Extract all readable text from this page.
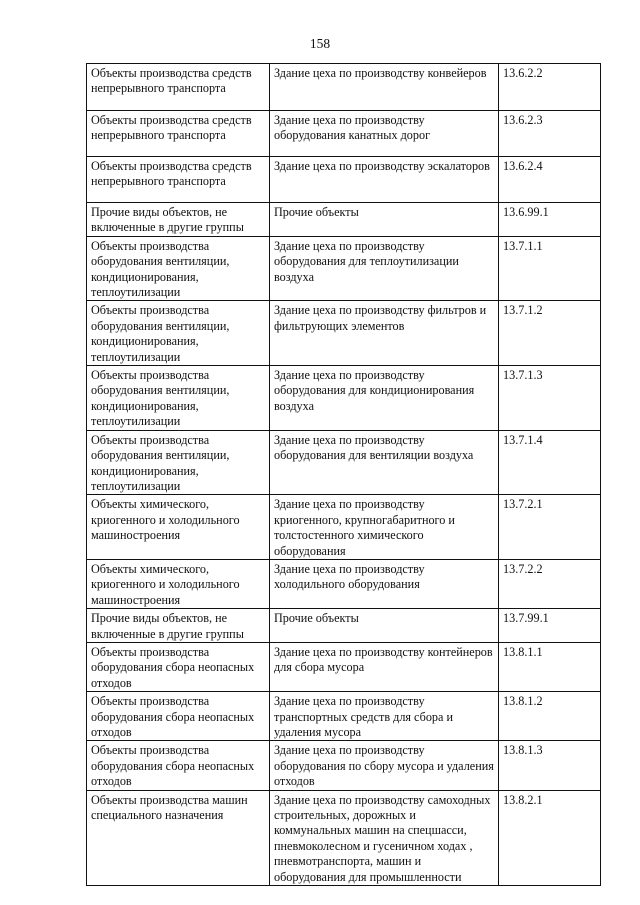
158
Объекты производства средств непрерывного транспорта	Здание цеха по производству конвейеров	13.6.2.2
Объекты производства средств непрерывного транспорта	Здание цеха по производству оборудования канатных дорог	13.6.2.3
Объекты производства средств непрерывного транспорта	Здание цеха по производству эскалаторов	13.6.2.4
Прочие виды объектов, не включенные в другие группы	Прочие объекты	13.6.99.1
Объекты производства оборудования вентиляции, кондиционирования, теплоутилизации	Здание цеха по производству оборудования для теплоутилизации воздуха	13.7.1.1
Объекты производства оборудования вентиляции, кондиционирования, теплоутилизации	Здание цеха по производству фильтров и фильтрующих элементов	13.7.1.2
Объекты производства оборудования вентиляции, кондиционирования, теплоутилизации	Здание цеха по производству оборудования для кондиционирования воздуха	13.7.1.3
Объекты производства оборудования вентиляции, кондиционирования, теплоутилизации	Здание цеха по производству оборудования для вентиляции воздуха	13.7.1.4
Объекты химического, криогенного и холодильного машиностроения	Здание цеха по производству криогенного, крупногабаритного и толстостенного химического оборудования	13.7.2.1
Объекты химического, криогенного и холодильного машиностроения	Здание цеха по производству холодильного оборудования	13.7.2.2
Прочие виды объектов, не включенные в другие группы	Прочие объекты	13.7.99.1
Объекты производства оборудования сбора неопасных отходов	Здание цеха по производству контейнеров для сбора мусора	13.8.1.1
Объекты производства оборудования сбора неопасных отходов	Здание цеха по производству транспортных средств для сбора и удаления мусора	13.8.1.2
Объекты производства оборудования сбора неопасных отходов	Здание цеха по производству оборудования по сбору мусора и удаления отходов	13.8.1.3
Объекты производства машин специального назначения	Здание цеха по производству самоходных строительных, дорожных и коммунальных машин на спецшасси, пневмоколесном и гусеничном ходах , пневмотранспорта, машин и оборудования для промышленности	13.8.2.1
